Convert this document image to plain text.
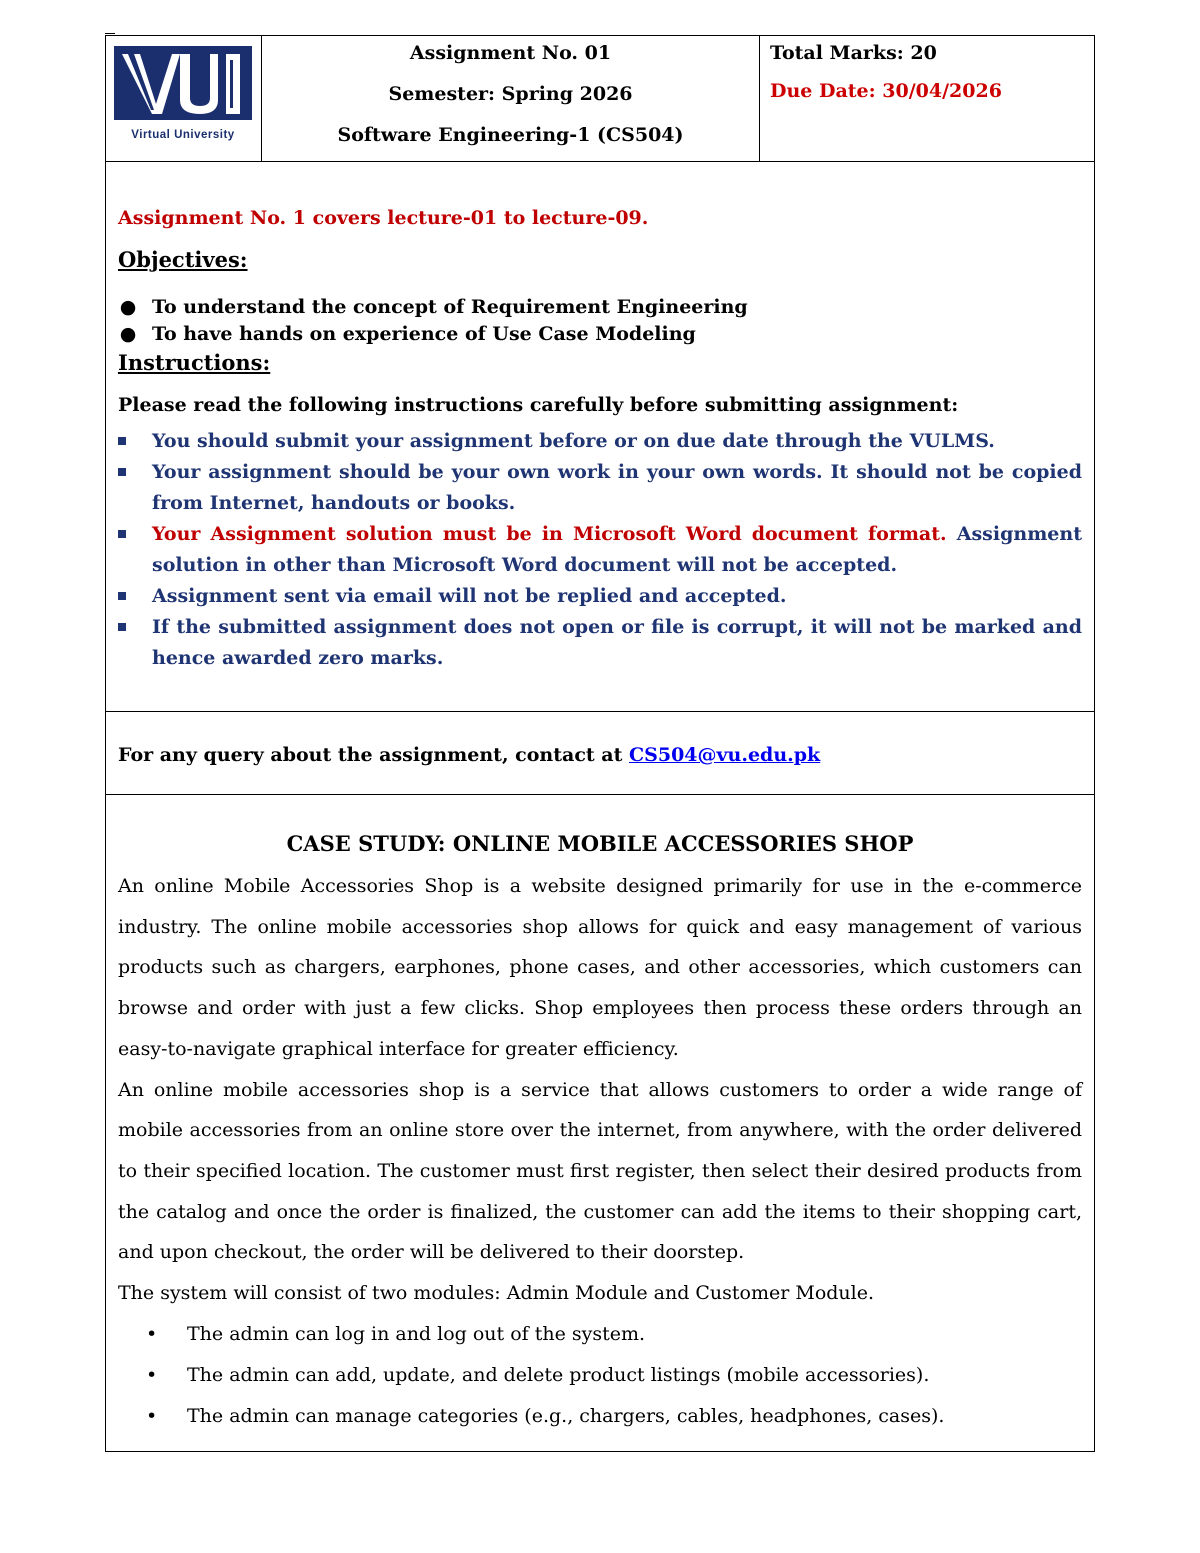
Virtual University

Assignment No. 01
Semester: Spring 2026
Software Engineering-1 (CS504)

Total Marks: 20
Due Date: 30/04/2026

Assignment No. 1 covers lecture-01 to lecture-09.
Objectives:
● To understand the concept of Requirement Engineering
● To have hands on experience of Use Case Modeling
Instructions:
Please read the following instructions carefully before submitting assignment:
You should submit your assignment before or on due date through the VULMS.
Your assignment should be your own work in your own words. It should not be copied from Internet, handouts or books.
Your Assignment solution must be in Microsoft Word document format. Assignment solution in other than Microsoft Word document will not be accepted.
Assignment sent via email will not be replied and accepted.
If the submitted assignment does not open or file is corrupt, it will not be marked and hence awarded zero marks.

For any query about the assignment, contact at CS504@vu.edu.pk

CASE STUDY: ONLINE MOBILE ACCESSORIES SHOP

An online Mobile Accessories Shop is a website designed primarily for use in the e-commerce industry. The online mobile accessories shop allows for quick and easy management of various products such as chargers, earphones, phone cases, and other accessories, which customers can browse and order with just a few clicks. Shop employees then process these orders through an easy-to-navigate graphical interface for greater efficiency.

An online mobile accessories shop is a service that allows customers to order a wide range of mobile accessories from an online store over the internet, from anywhere, with the order delivered to their specified location. The customer must first register, then select their desired products from the catalog and once the order is finalized, the customer can add the items to their shopping cart, and upon checkout, the order will be delivered to their doorstep.

The system will consist of two modules: Admin Module and Customer Module.

• The admin can log in and log out of the system.
• The admin can add, update, and delete product listings (mobile accessories).
• The admin can manage categories (e.g., chargers, cables, headphones, cases).
